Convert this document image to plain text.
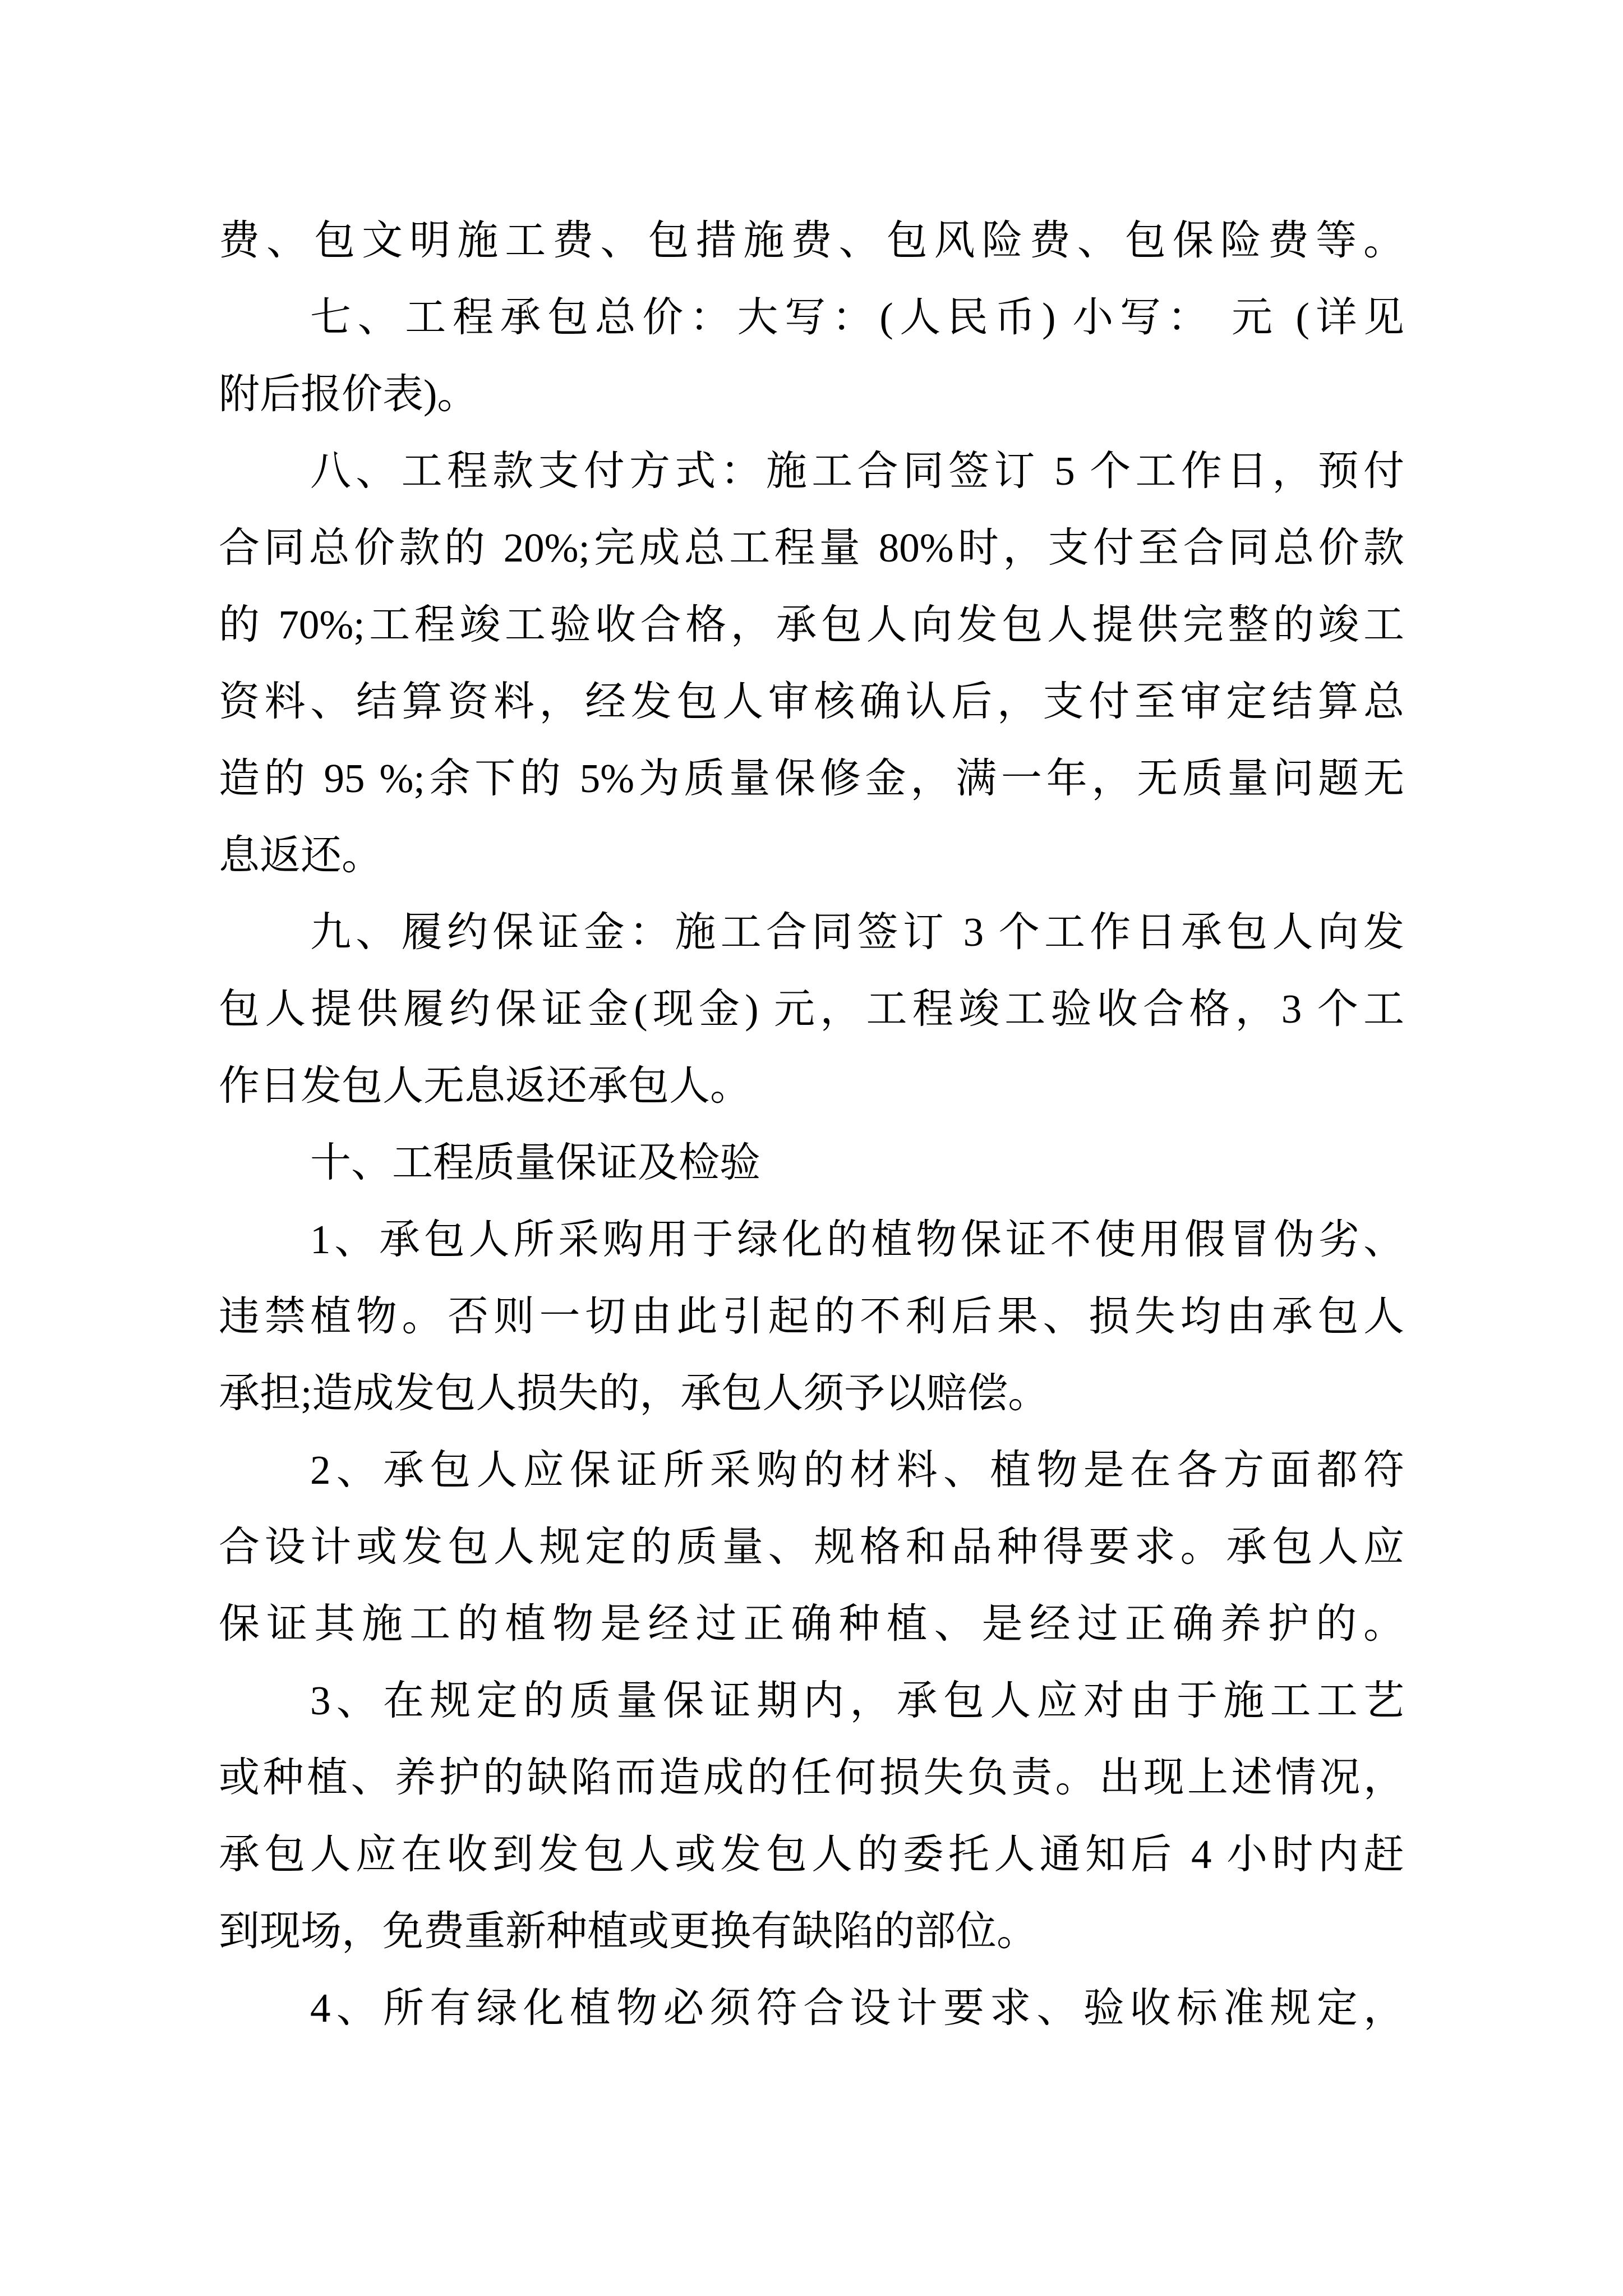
费、包文明施工费、包措施费、包风险费、包保险费等。
七、工程承包总价：大写：(人民币) 小写： 元 (详见
附后报价表)。
八、工程款支付方式：施工合同签订 5 个工作日，预付
合同总价款的 20%;完成总工程量 80%时，支付至合同总价款
的 70%;工程竣工验收合格，承包人向发包人提供完整的竣工
资料、结算资料，经发包人审核确认后，支付至审定结算总
造的 95 %;余下的 5%为质量保修金，满一年，无质量问题无
息返还。
九、履约保证金：施工合同签订 3 个工作日承包人向发
包人提供履约保证金(现金) 元，工程竣工验收合格，3 个工
作日发包人无息返还承包人。
十、工程质量保证及检验
1、承包人所采购用于绿化的植物保证不使用假冒伪劣、
违禁植物。否则一切由此引起的不利后果、损失均由承包人
承担;造成发包人损失的，承包人须予以赔偿。
2、承包人应保证所采购的材料、植物是在各方面都符
合设计或发包人规定的质量、规格和品种得要求。承包人应
保证其施工的植物是经过正确种植、是经过正确养护的。
3、在规定的质量保证期内，承包人应对由于施工工艺
或种植、养护的缺陷而造成的任何损失负责。出现上述情况，
承包人应在收到发包人或发包人的委托人通知后 4 小时内赶
到现场，免费重新种植或更换有缺陷的部位。
4、所有绿化植物必须符合设计要求、验收标准规定，
